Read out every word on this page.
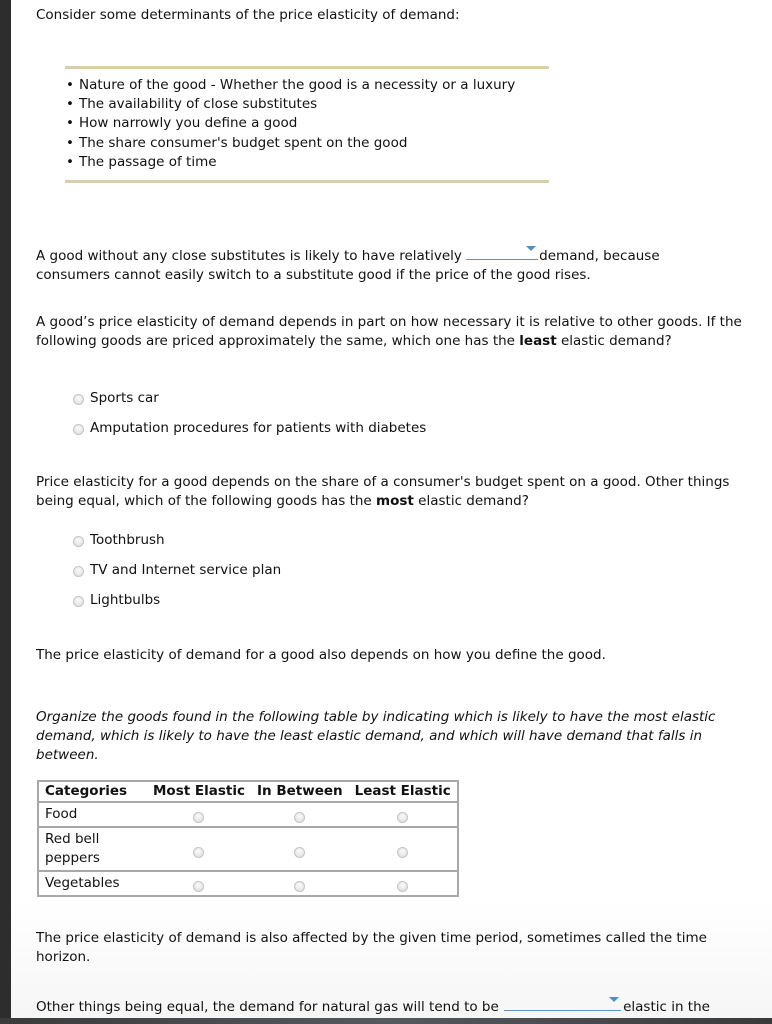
Consider some determinants of the price elasticity of demand:
• Nature of the good - Whether the good is a necessity or a luxury
• The availability of close substitutes
• How narrowly you define a good
• The share consumer's budget spent on the good
• The passage of time
A good without any close substitutes is likely to have relatively	demand, because
consumers cannot easily switch to a substitute good if the price of the good rises.
A good’s price elasticity of demand depends in part on how necessary it is relative to other goods. If the following goods are priced approximately the same, which one has the least elastic demand?
Sports car
Amputation procedures for patients with diabetes
Price elasticity for a good depends on the share of a consumer's budget spent on a good. Other things being equal, which of the following goods has the most elastic demand?
Toothbrush
TV and Internet service plan
Lightbulbs
The price elasticity of demand for a good also depends on how you define the good.
Organize the goods found in the following table by indicating which is likely to have the most elastic demand, which is likely to have the least elastic demand, and which will have demand that falls in between.
Categories	Most Elastic	In Between	Least Elastic
Food			
Red bell peppers			
Vegetables			
The price elasticity of demand is also affected by the given time period, sometimes called the time horizon.
Other things being equal, the demand for natural gas will tend to be	elastic in the
